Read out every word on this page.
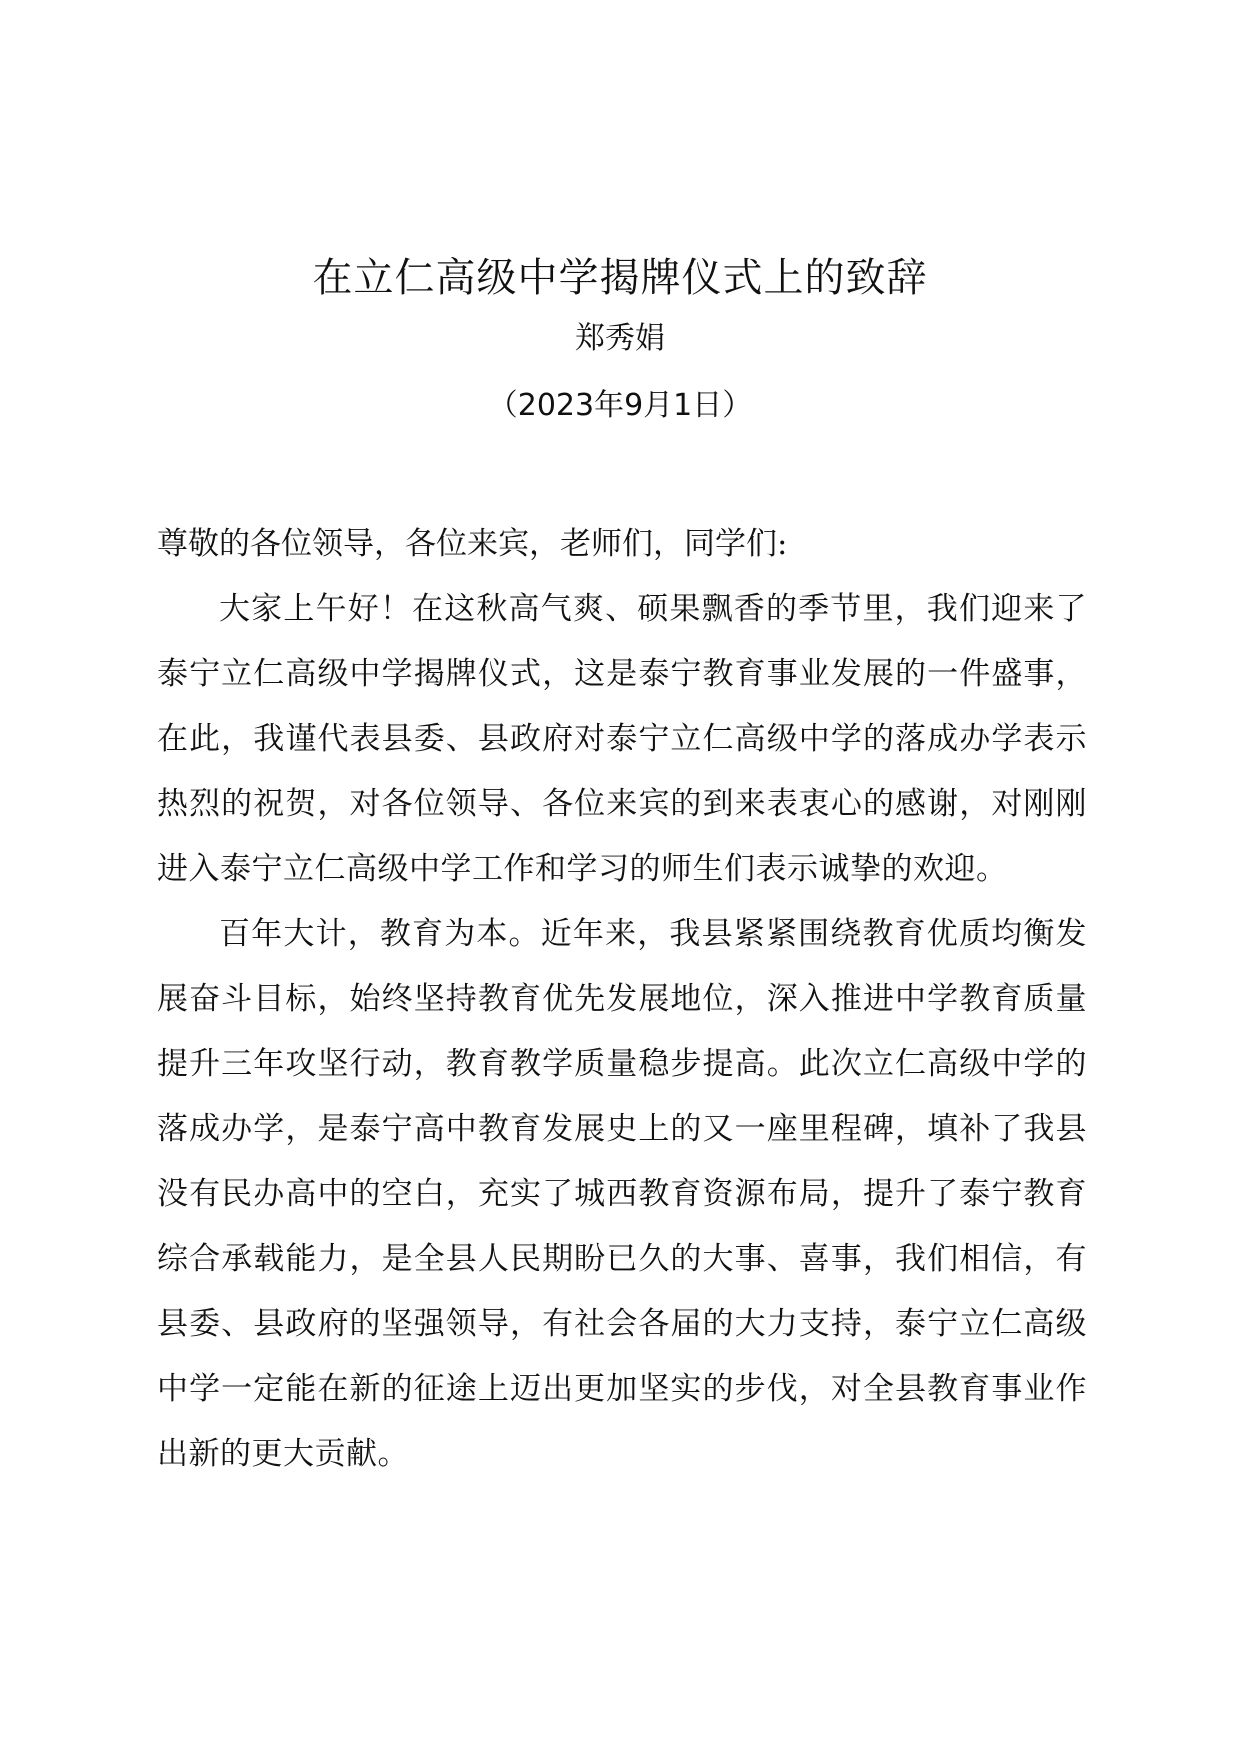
在立仁高级中学揭牌仪式上的致辞
郑秀娟
（2023年9月1日）

尊敬的各位领导，各位来宾，老师们，同学们:

大家上午好！在这秋高气爽、硕果飘香的季节里，我们迎来了泰宁立仁高级中学揭牌仪式，这是泰宁教育事业发展的一件盛事，在此，我谨代表县委、县政府对泰宁立仁高级中学的落成办学表示热烈的祝贺，对各位领导、各位来宾的到来表衷心的感谢，对刚刚进入泰宁立仁高级中学工作和学习的师生们表示诚挚的欢迎。

百年大计，教育为本。近年来，我县紧紧围绕教育优质均衡发展奋斗目标，始终坚持教育优先发展地位，深入推进中学教育质量提升三年攻坚行动，教育教学质量稳步提高。此次立仁高级中学的落成办学，是泰宁高中教育发展史上的又一座里程碑，填补了我县没有民办高中的空白，充实了城西教育资源布局，提升了泰宁教育综合承载能力，是全县人民期盼已久的大事、喜事，我们相信，有县委、县政府的坚强领导，有社会各届的大力支持，泰宁立仁高级中学一定能在新的征途上迈出更加坚实的步伐，对全县教育事业作出新的更大贡献。
